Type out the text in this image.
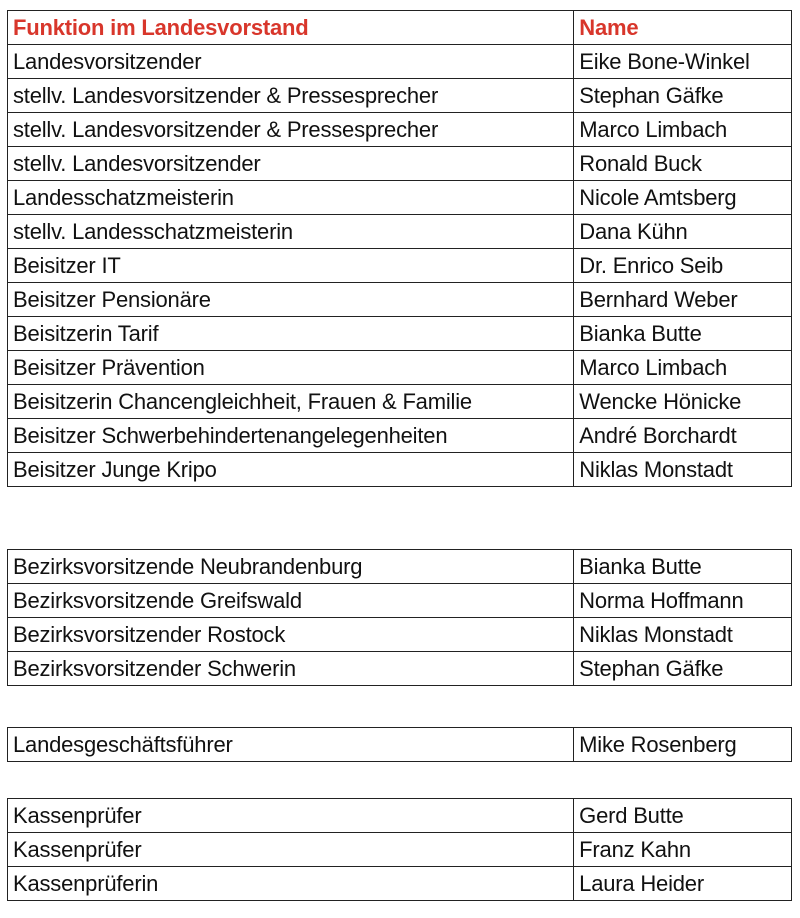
Funktion im Landesvorstand	Name
Landesvorsitzender	Eike Bone-Winkel
stellv. Landesvorsitzender & Pressesprecher	Stephan Gäfke
stellv. Landesvorsitzender & Pressesprecher	Marco Limbach
stellv. Landesvorsitzender	Ronald Buck
Landesschatzmeisterin	Nicole Amtsberg
stellv. Landesschatzmeisterin	Dana Kühn
Beisitzer IT	Dr. Enrico Seib
Beisitzer Pensionäre	Bernhard Weber
Beisitzerin Tarif	Bianka Butte
Beisitzer Prävention	Marco Limbach
Beisitzerin Chancengleichheit, Frauen & Familie	Wencke Hönicke
Beisitzer Schwerbehindertenangelegenheiten	André Borchardt
Beisitzer Junge Kripo	Niklas Monstadt
Bezirksvorsitzende Neubrandenburg	Bianka Butte
Bezirksvorsitzende Greifswald	Norma Hoffmann
Bezirksvorsitzender Rostock	Niklas Monstadt
Bezirksvorsitzender Schwerin	Stephan Gäfke
Landesgeschäftsführer	Mike Rosenberg
Kassenprüfer	Gerd Butte
Kassenprüfer	Franz Kahn
Kassenprüferin	Laura Heider
